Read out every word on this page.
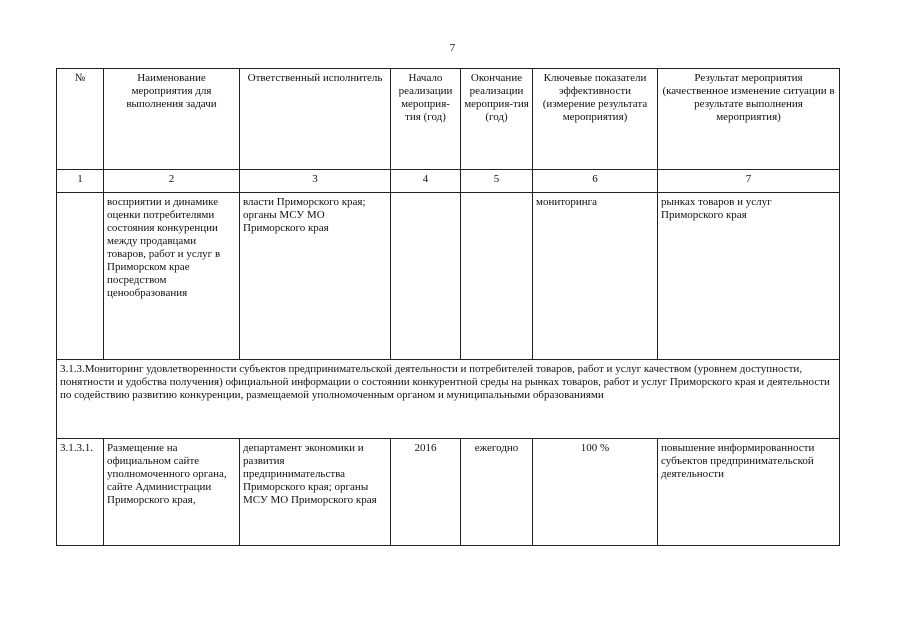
7
№	Наименование мероприятия для выполнения задачи	Ответственный исполнитель	Начало реализации мероприя-тия (год)	Окончание реализации мероприя-тия (год)	Ключевые показатели эффективности (измерение результата мероприятия)	Результат мероприятия (качественное изменение ситуации в результате выполнения мероприятия)
1	2	3	4	5	6	7
	восприятии и динамике оценки потребителями состояния конкуренции между продавцами товаров, работ и услуг в Приморском крае посредством ценообразования	власти Приморского края; органы МСУ МО Приморского края			мониторинга	рынках товаров и услуг Приморского края
3.1.3.Мониторинг удовлетворенности субъектов предпринимательской деятельности и потребителей товаров, работ и услуг качеством (уровнем доступности, понятности и удобства получения) официальной информации о состоянии конкурентной среды на рынках товаров, работ и услуг Приморского края и деятельности по содействию развитию конкуренции, размещаемой уполномоченным органом и муниципальными образованиями						
3.1.3.1.	Размещение на официальном сайте уполномоченного органа, сайте Администрации Приморского края,	департамент экономики и развития предпринимательства Приморского края; органы МСУ МО Приморского края	2016	ежегодно	100 %	повышение информированности субъектов предпринимательской деятельности
